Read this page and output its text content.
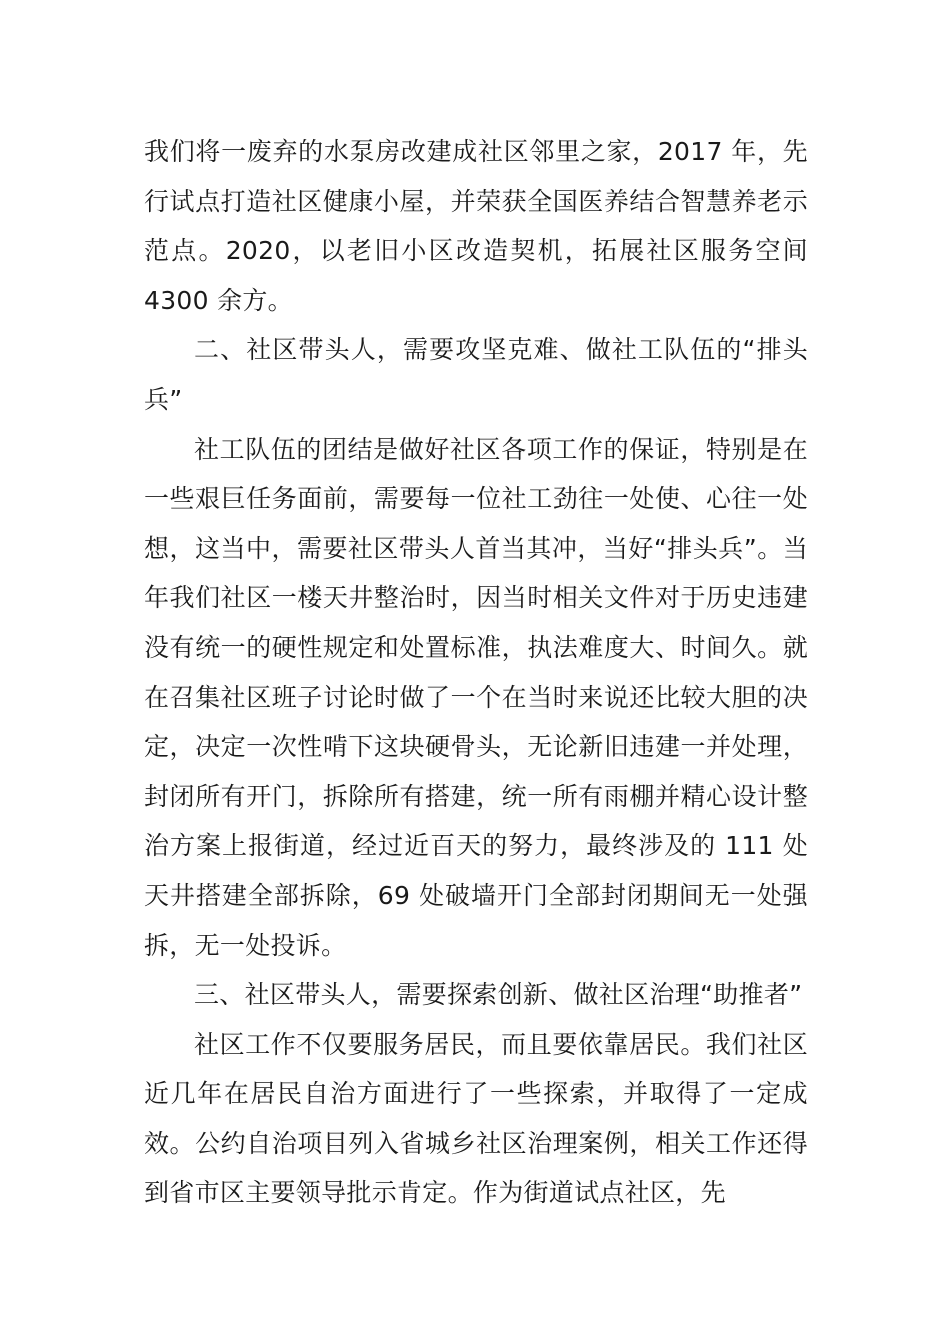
我们将一废弃的水泵房改建成社区邻里之家，2017 年，先行试点打造社区健康小屋，并荣获全国医养结合智慧养老示范点。2020，以老旧小区改造契机，拓展社区服务空间 4300 余方。

二、社区带头人，需要攻坚克难、做社工队伍的“排头兵”

社工队伍的团结是做好社区各项工作的保证，特别是在一些艰巨任务面前，需要每一位社工劲往一处使、心往一处想，这当中，需要社区带头人首当其冲，当好“排头兵”。当年我们社区一楼天井整治时，因当时相关文件对于历史违建没有统一的硬性规定和处置标准，执法难度大、时间久。就在召集社区班子讨论时做了一个在当时来说还比较大胆的决定，决定一次性啃下这块硬骨头，无论新旧违建一并处理，封闭所有开门，拆除所有搭建，统一所有雨棚并精心设计整治方案上报街道，经过近百天的努力，最终涉及的 111 处天井搭建全部拆除，69 处破墙开门全部封闭期间无一处强拆，无一处投诉。

三、社区带头人，需要探索创新、做社区治理“助推者”

社区工作不仅要服务居民，而且要依靠居民。我们社区近几年在居民自治方面进行了一些探索，并取得了一定成效。公约自治项目列入省城乡社区治理案例，相关工作还得到省市区主要领导批示肯定。作为街道试点社区，先
